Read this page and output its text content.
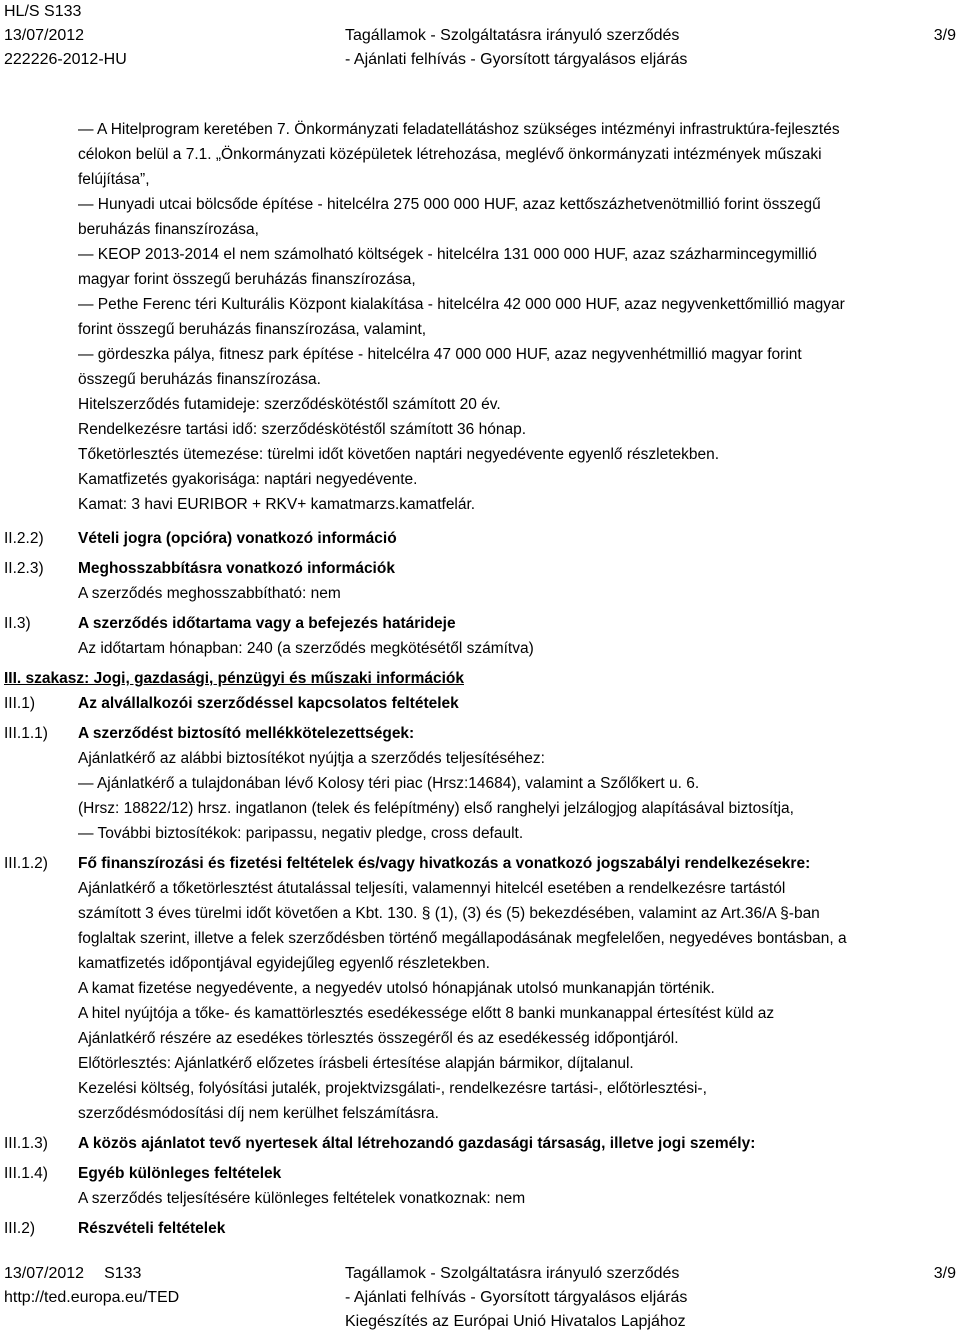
HL/S S133
13/07/2012
222226-2012-HU
Tagállamok - Szolgáltatásra irányuló szerződés
- Ajánlati felhívás - Gyorsított tárgyalásos eljárás
3/9
— A Hitelprogram keretében 7. Önkormányzati feladatellátáshoz szükséges intézményi infrastruktúra-fejlesztés
célokon belül a 7.1. „Önkormányzati középületek létrehozása, meglévő önkormányzati intézmények műszaki
felújítása”,
— Hunyadi utcai bölcsőde építése - hitelcélra 275 000 000 HUF, azaz kettőszázhetvenötmillió forint összegű
beruházás finanszírozása,
— KEOP 2013-2014 el nem számolható költségek - hitelcélra 131 000 000 HUF, azaz százharmincegymillió
magyar forint összegű beruházás finanszírozása,
— Pethe Ferenc téri Kulturális Központ kialakítása - hitelcélra 42 000 000 HUF, azaz negyvenkettőmillió magyar
forint összegű beruházás finanszírozása, valamint,
— gördeszka pálya, fitnesz park építése - hitelcélra 47 000 000 HUF, azaz negyvenhétmillió magyar forint
összegű beruházás finanszírozása.
Hitelszerződés futamideje: szerződéskötéstől számított 20 év.
Rendelkezésre tartási idő: szerződéskötéstől számított 36 hónap.
Tőketörlesztés ütemezése: türelmi időt követően naptári negyedévente egyenlő részletekben.
Kamatfizetés gyakorisága: naptári negyedévente.
Kamat: 3 havi EURIBOR + RKV+ kamatmarzs.kamatfelár.
II.2.2) Vételi jogra (opcióra) vonatkozó információ
II.2.3) Meghosszabbításra vonatkozó információk
A szerződés meghosszabbítható: nem
II.3)	A szerződés időtartama vagy a befejezés határideje
Az időtartam hónapban: 240 (a szerződés megkötésétől számítva)
III. szakasz: Jogi, gazdasági, pénzügyi és műszaki információk
III.1)	Az alvállalkozói szerződéssel kapcsolatos feltételek
III.1.1) A szerződést biztosító mellékkötelezettségek:
Ajánlatkérő az alábbi biztosítékot nyújtja a szerződés teljesítéséhez:
— Ajánlatkérő a tulajdonában lévő Kolosy téri piac (Hrsz:14684), valamint a Szőlőkert u. 6.
(Hrsz: 18822/12) hrsz. ingatlanon (telek és felépítmény) első ranghelyi jelzálogjog alapításával biztosítja,
— További biztosítékok: paripassu, negativ pledge, cross default.
III.1.2) Fő finanszírozási és fizetési feltételek és/vagy hivatkozás a vonatkozó jogszabályi rendelkezésekre:
Ajánlatkérő a tőketörlesztést átutalással teljesíti, valamennyi hitelcél esetében a rendelkezésre tartástól
számított 3 éves türelmi időt követően a Kbt. 130. § (1), (3) és (5) bekezdésében, valamint az Art.36/A §-ban
foglaltak szerint, illetve a felek szerződésben történő megállapodásának megfelelően, negyedéves bontásban, a
kamatfizetés időpontjával egyidejűleg egyenlő részletekben.
A kamat fizetése negyedévente, a negyedév utolsó hónapjának utolsó munkanapján történik.
A hitel nyújtója a tőke- és kamattörlesztés esedékessége előtt 8 banki munkanappal értesítést küld az
Ajánlatkérő részére az esedékes törlesztés összegéről és az esedékesség időpontjáról.
Előtörlesztés: Ajánlatkérő előzetes írásbeli értesítése alapján bármikor, díjtalanul.
Kezelési költség, folyósítási jutalék, projektvizsgálati-, rendelkezésre tartási-, előtörlesztési-,
szerződésmódosítási díj nem kerülhet felszámításra.
III.1.3) A közös ajánlatot tevő nyertesek által létrehozandó gazdasági társaság, illetve jogi személy:
III.1.4) Egyéb különleges feltételek
A szerződés teljesítésére különleges feltételek vonatkoznak: nem
III.2)	Részvételi feltételek
13/07/2012 S133
http://ted.europa.eu/TED
Tagállamok - Szolgáltatásra irányuló szerződés
- Ajánlati felhívás - Gyorsított tárgyalásos eljárás
Kiegészítés az Európai Unió Hivatalos Lapjához
3/9
